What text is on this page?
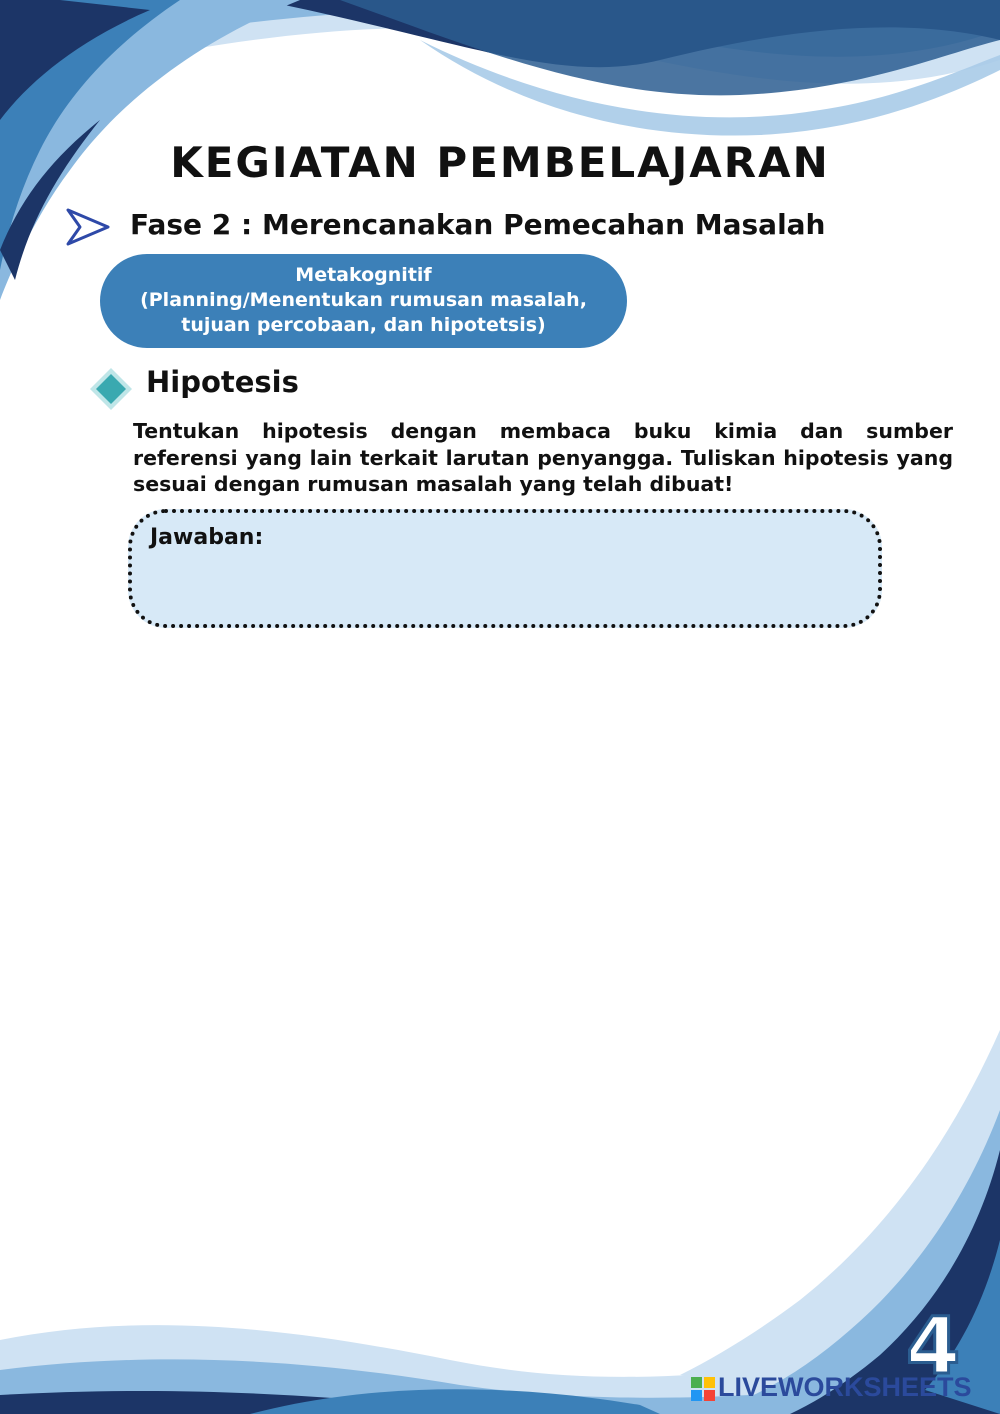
KEGIATAN PEMBELAJARAN
Fase 2 : Merencanakan Pemecahan Masalah
Metakognitif
(Planning/Menentukan rumusan masalah,
tujuan percobaan, dan hipotetsis)
Hipotesis
Tentukan hipotesis dengan membaca buku kimia dan sumber referensi yang lain terkait larutan penyangga. Tuliskan hipotesis yang sesuai dengan rumusan masalah yang telah dibuat!
Jawaban:
4
LIVEWORKSHEETS
